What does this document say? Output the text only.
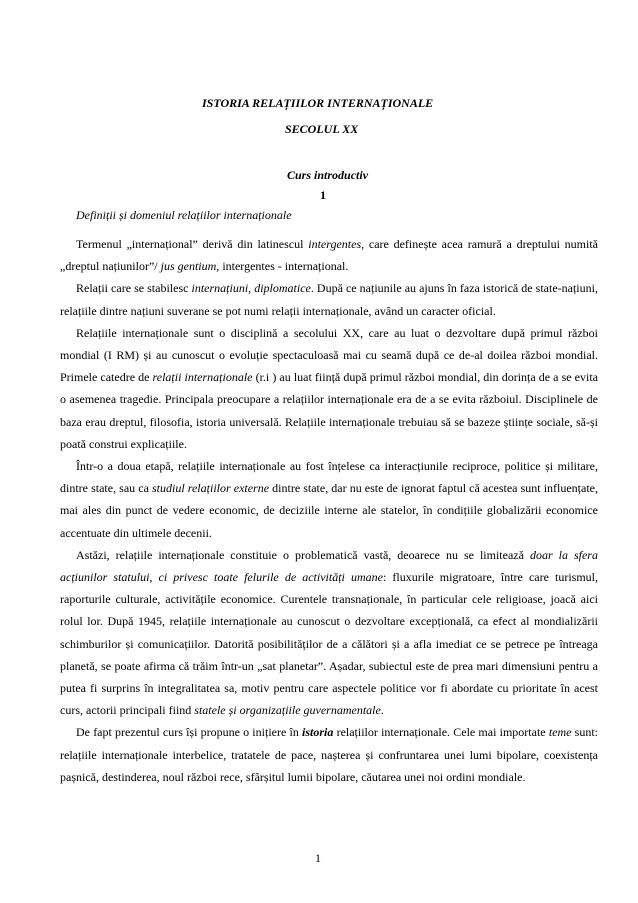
ISTORIA RELAȚIILOR INTERNAȚIONALE
SECOLUL XX
Curs introductiv
1
Definiții și domeniul relațiilor internaționale

Termenul „internațional” derivă din latinescul intergentes, care definește acea ramură a dreptului numită „dreptul națiunilor”/ jus gentium, intergentes - internațional.

Relații care se stabilesc internațiuni, diplomatice. După ce națiunile au ajuns în faza istorică de state-națiuni, relațiile dintre națiuni suverane se pot numi relații internaționale, având un caracter oficial.

Relațiile internaționale sunt o disciplină a secolului XX, care au luat o dezvoltare după primul război mondial (I RM) și au cunoscut o evoluție spectaculoasă mai cu seamă după ce de-al doilea război mondial. Primele catedre de relații internaționale (r.i ) au luat ființă după primul război mondial, din dorința de a se evita o asemenea tragedie. Principala preocupare a relațiilor internaționale era de a se evita războiul. Disciplinele de baza erau dreptul, filosofia, istoria universală. Relațiile internaționale trebuiau să se bazeze științe sociale, să-și poată construi explicațiile.

Într-o a doua etapă, relațiile internaționale au fost înțelese ca interacțiunile reciproce, politice și militare, dintre state, sau ca studiul relațiilor externe dintre state, dar nu este de ignorat faptul că acestea sunt influențate, mai ales din punct de vedere economic, de deciziile interne ale statelor, în condițiile globalizării economice accentuate din ultimele decenii.

Astăzi, relațiile internaționale constituie o problematică vastă, deoarece nu se limitează doar la sfera acțiunilor statului, ci privesc toate felurile de activități umane: fluxurile migratoare, între care turismul, raporturile culturale, activitățile economice. Curentele transnaționale, în particular cele religioase, joacă aici rolul lor. După 1945, relațiile internaționale au cunoscut o dezvoltare excepțională, ca efect al mondializării schimburilor și comunicațiilor. Datorită posibilităților de a călători și a afla imediat ce se petrece pe întreaga planetă, se poate afirma că trăim într-un „sat planetar”. Așadar, subiectul este de prea mari dimensiuni pentru a putea fi surprins în integralitatea sa, motiv pentru care aspectele politice vor fi abordate cu prioritate în acest curs, actorii principali fiind statele și organizațiile guvernamentale.

De fapt prezentul curs își propune o inițiere în istoria relațiilor internaționale. Cele mai importate teme sunt: relațiile internaționale interbelice, tratatele de pace, nașterea și confruntarea unei lumi bipolare, coexistența pașnică, destinderea, noul război rece, sfârșitul lumii bipolare, căutarea unei noi ordini mondiale.

1
